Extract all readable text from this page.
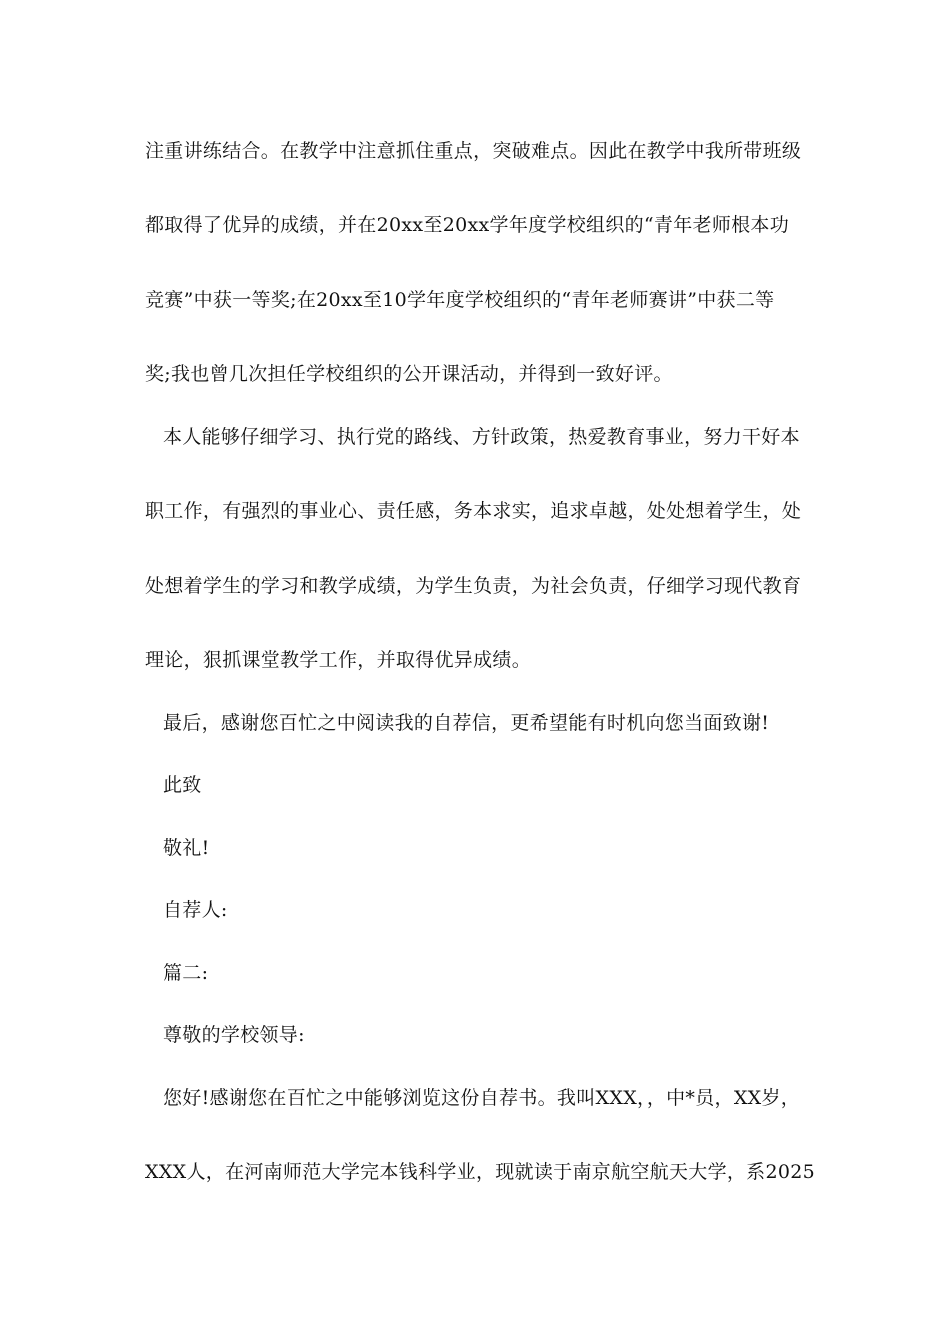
注重讲练结合。在教学中注意抓住重点，突破难点。因此在教学中我所带班级
都取得了优异的成绩，并在20xx至20xx学年度学校组织的“青年老师根本功
竞赛”中获一等奖;在20xx至10学年度学校组织的“青年老师赛讲”中获二等
奖;我也曾几次担任学校组织的公开课活动，并得到一致好评。
本人能够仔细学习、执行党的路线、方针政策，热爱教育事业，努力干好本
职工作，有强烈的事业心、责任感，务本求实，追求卓越，处处想着学生，处
处想着学生的学习和教学成绩，为学生负责，为社会负责，仔细学习现代教育
理论，狠抓课堂教学工作，并取得优异成绩。
最后，感谢您百忙之中阅读我的自荐信，更希望能有时机向您当面致谢!
此致
敬礼!
自荐人:
篇二:
尊敬的学校领导:
您好!感谢您在百忙之中能够浏览这份自荐书。我叫XXX，，中*员，XX岁，
XXX人，在河南师范大学完本钱科学业，现就读于南京航空航天大学，系2025
